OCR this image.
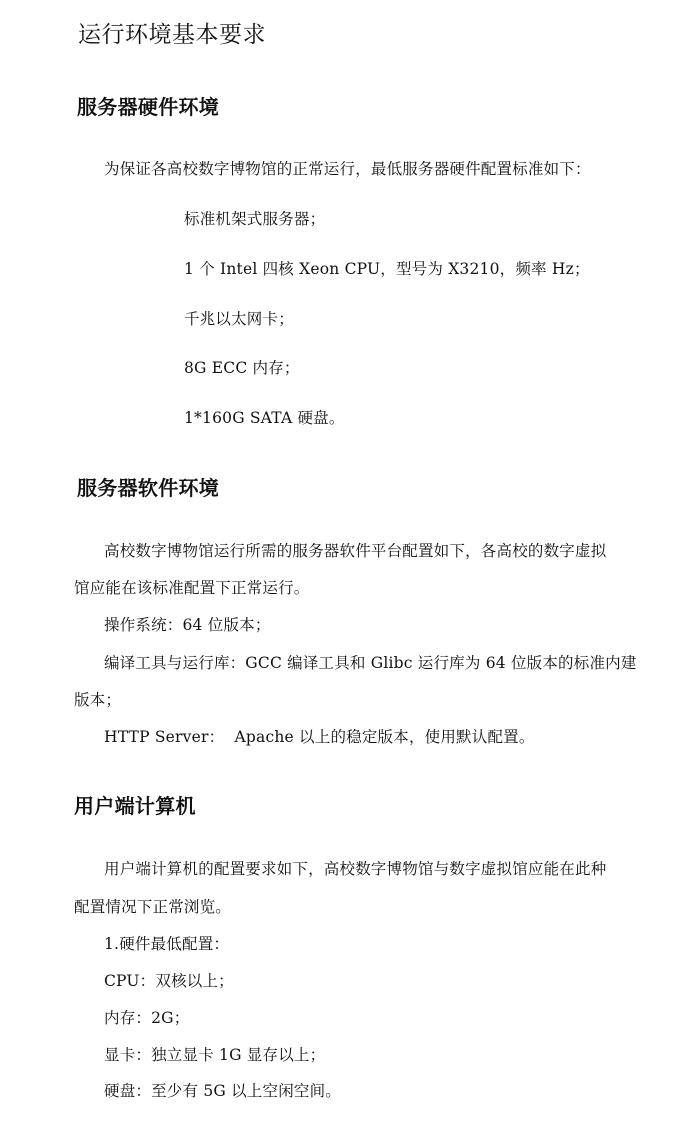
运行环境基本要求
服务器硬件环境

为保证各高校数字博物馆的正常运行，最低服务器硬件配置标准如下：

标准机架式服务器；

1 个 Intel 四核 Xeon CPU，型号为 X3210，频率 Hz；

千兆以太网卡；

8G ECC 内存；

1*160G SATA 硬盘。

服务器软件环境

高校数字博物馆运行所需的服务器软件平台配置如下，各高校的数字虚拟

馆应能在该标准配置下正常运行。

操作系统：64 位版本；

编译工具与运行库：GCC 编译工具和 Glibc 运行库为 64 位版本的标准内建

版本；

HTTP Server：  Apache 以上的稳定版本，使用默认配置。

用户端计算机

用户端计算机的配置要求如下，高校数字博物馆与数字虚拟馆应能在此种

配置情况下正常浏览。

1.硬件最低配置：

CPU：双核以上；

内存：2G；

显卡：独立显卡 1G 显存以上；

硬盘：至少有 5G 以上空闲空间。
